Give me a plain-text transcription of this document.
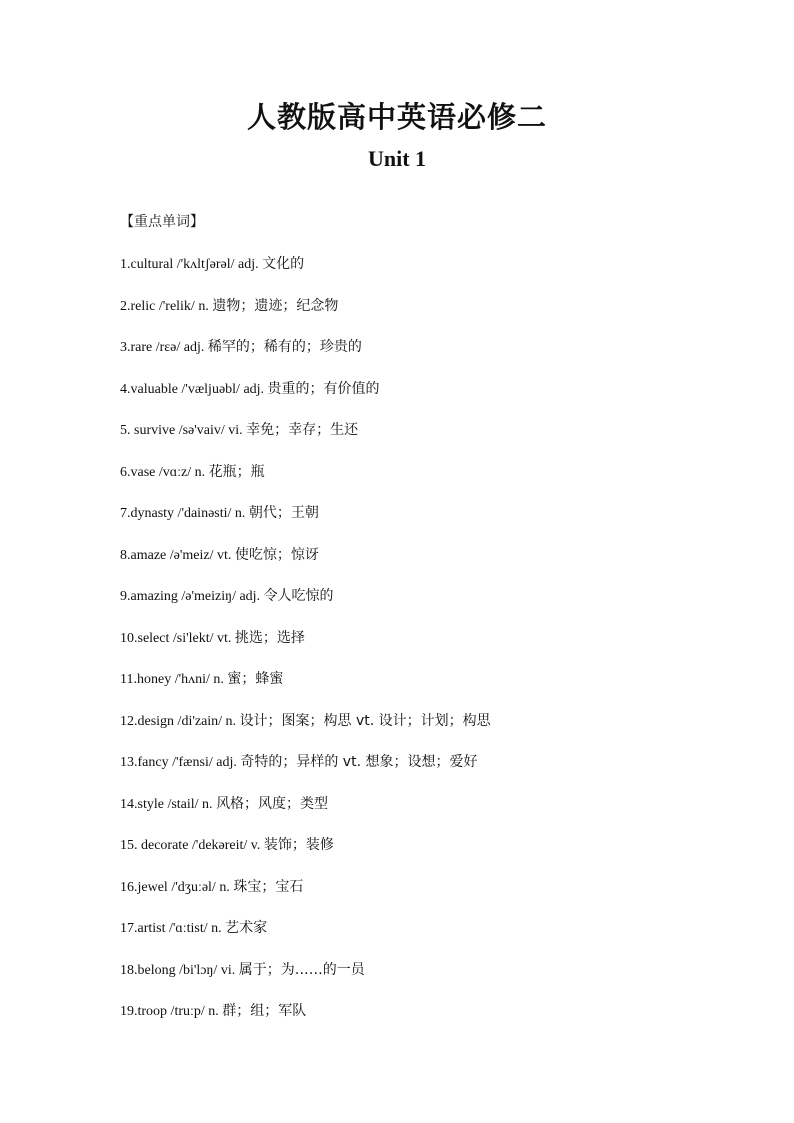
人教版高中英语必修二
Unit 1
【重点单词】
1.cultural /'kʌltʃərəl/ adj. 文化的
2.relic /'relik/ n. 遗物；遗迹；纪念物
3.rare /rɛə/ adj. 稀罕的；稀有的；珍贵的
4.valuable /'væljuəbl/ adj. 贵重的；有价值的
5. survive /sə'vaiv/ vi. 幸免；幸存；生还
6.vase /vɑːz/ n. 花瓶；瓶
7.dynasty /'dainəsti/ n. 朝代；王朝
8.amaze /ə'meiz/ vt. 使吃惊；惊讶
9.amazing /ə'meiziŋ/ adj. 令人吃惊的
10.select /si'lekt/ vt. 挑选；选择
11.honey /'hʌni/ n. 蜜；蜂蜜
12.design /di'zain/ n. 设计；图案；构思 vt. 设计；计划；构思
13.fancy /'fænsi/ adj. 奇特的；异样的 vt. 想象；设想；爱好
14.style /stail/ n. 风格；风度；类型
15. decorate /'dekəreit/ v. 装饰；装修
16.jewel /'dʒuːəl/ n. 珠宝；宝石
17.artist /'ɑːtist/ n. 艺术家
18.belong /bi'lɔŋ/ vi. 属于；为……的一员
19.troop /truːp/ n. 群；组；军队
